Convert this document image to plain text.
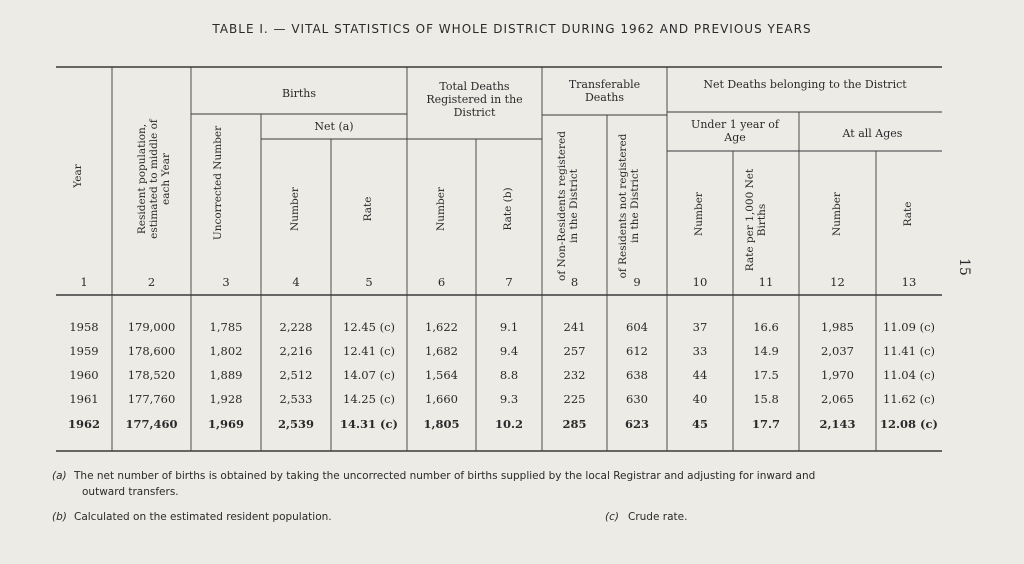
TABLE I. — VITAL STATISTICS OF WHOLE DISTRICT DURING 1962 AND PREVIOUS YEARS
15
Births
Net (a)
Total Deaths Registered in the District
Transferable Deaths
Net Deaths belonging to the District
Under 1 year of Age	At all Ages
Year	Resident population, estimated to middle of each Year	Uncorrected Number	Number	Rate	Number	Rate (b)	of Non-Residents registered in the District	of Residents not registered in the District	Number	Rate per 1,000 Net Births	Number	Rate
1	2	3	4	5	6	7	8	9	10	11	12	13
1958	179,000	1,785	2,228	12.45 (c)	1,622	9.1	241	604	37	16.6	1,985	11.09 (c)
1959	178,600	1,802	2,216	12.41 (c)	1,682	9.4	257	612	33	14.9	2,037	11.41 (c)
1960	178,520	1,889	2,512	14.07 (c)	1,564	8.8	232	638	44	17.5	1,970	11.04 (c)
1961	177,760	1,928	2,533	14.25 (c)	1,660	9.3	225	630	40	15.8	2,065	11.62 (c)
1962	177,460	1,969	2,539	14.31 (c)	1,805	10.2	285	623	45	17.7	2,143	12.08 (c)
(a) The net number of births is obtained by taking the uncorrected number of births supplied by the local Registrar and adjusting for inward and
outward transfers.
(b) Calculated on the estimated resident population.	(c) Crude rate.
